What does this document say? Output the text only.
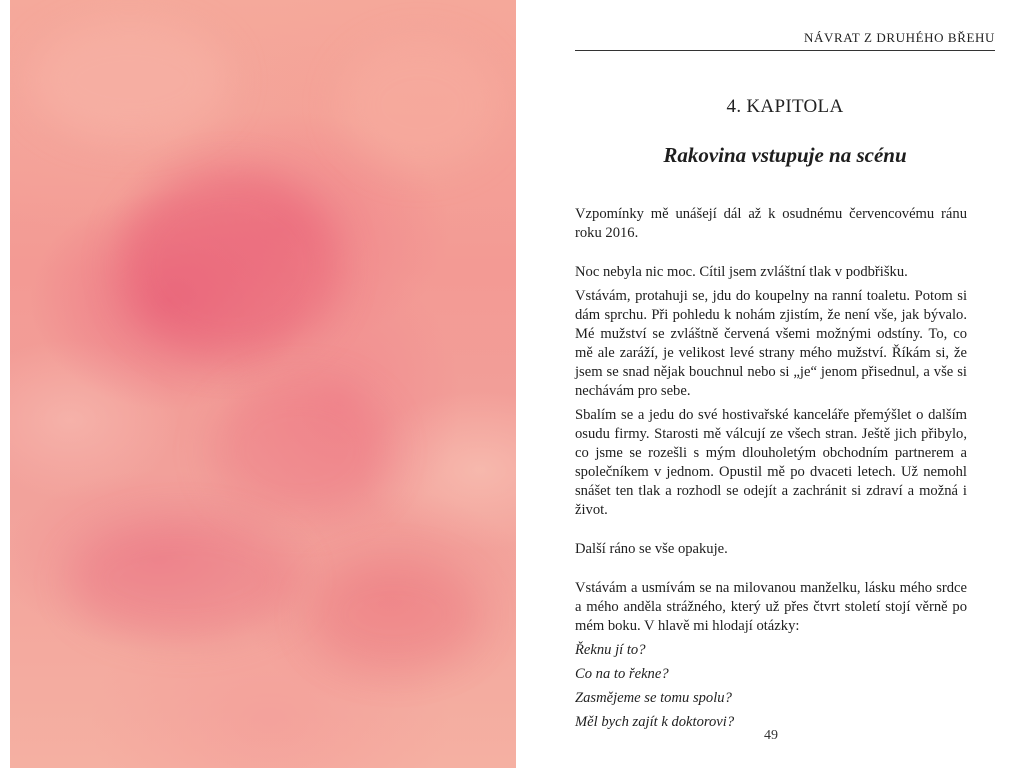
NÁVRAT Z DRUHÉHO BŘEHU
4. KAPITOLA
Rakovina vstupuje na scénu

Vzpomínky mě unášejí dál až k osudnému červencovému ránu roku 2016.

Noc nebyla nic moc. Cítil jsem zvláštní tlak v podbřišku.

Vstávám, protahuji se, jdu do koupelny na ranní toaletu. Potom si dám sprchu. Při pohledu k nohám zjistím, že není vše, jak bývalo. Mé mužství se zvláštně červená všemi možnými odstíny. To, co mě ale zaráží, je velikost levé strany mého mužství. Říkám si, že jsem se snad nějak bouchnul nebo si „je“ jenom přisednul, a vše si nechávám pro sebe.

Sbalím se a jedu do své hostivařské kanceláře přemýšlet o dalším osudu firmy. Starosti mě válcují ze všech stran. Ještě jich přibylo, co jsme se rozešli s mým dlouholetým obchodním partnerem a společníkem v jednom. Opustil mě po dvaceti letech. Už nemohl snášet ten tlak a rozhodl se odejít a zachránit si zdraví a možná i život.

Další ráno se vše opakuje.

Vstávám a usmívám se na milovanou manželku, lásku mého srdce a mého anděla strážného, který už přes čtvrt století stojí věrně po mém boku. V hlavě mi hlodají otázky:

Řeknu jí to?

Co na to řekne?

Zasmějeme se tomu spolu?

Měl bych zajít k doktorovi?

49
